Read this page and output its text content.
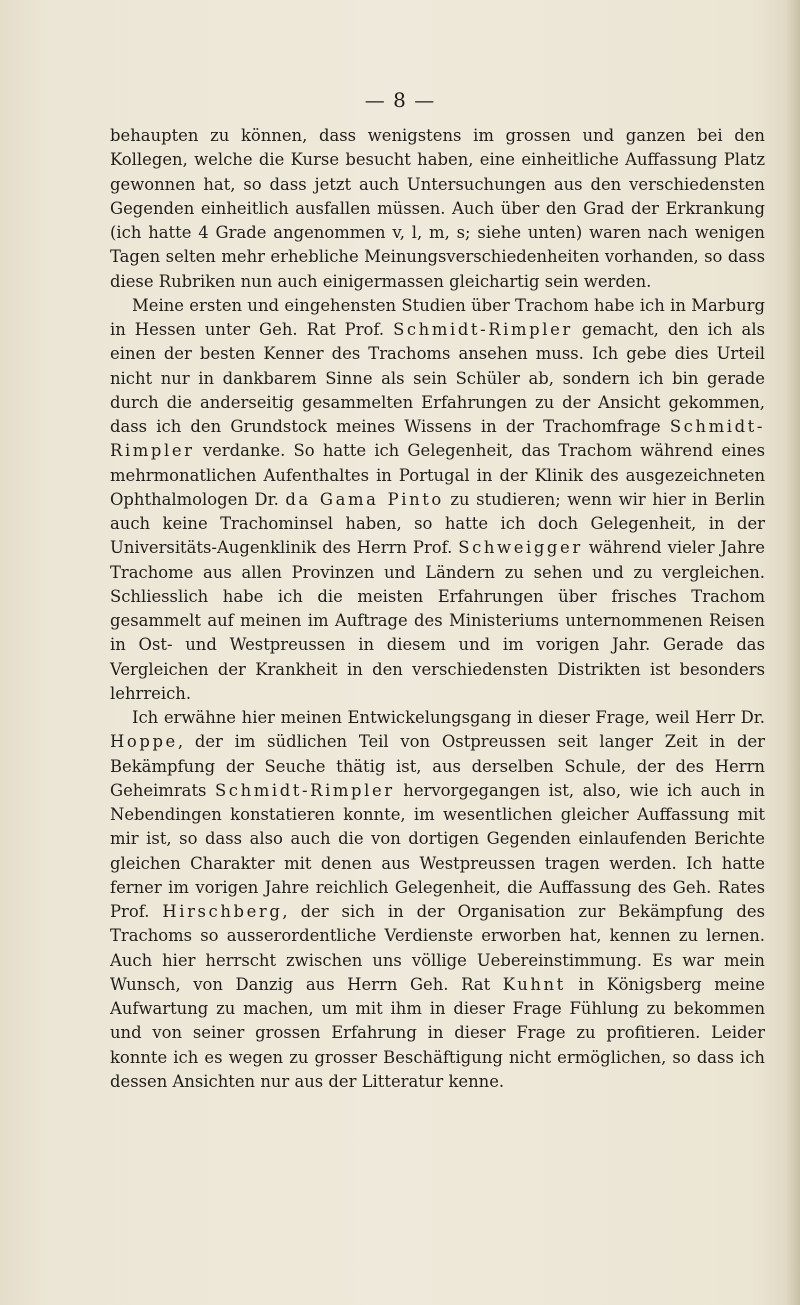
— 8 —

behaupten zu können, dass wenigstens im grossen und ganzen bei den Kollegen, welche die Kurse besucht haben, eine einheitliche Auffassung Platz gewonnen hat, so dass jetzt auch Untersuchungen aus den verschiedensten Gegenden einheitlich ausfallen müssen. Auch über den Grad der Erkrankung (ich hatte 4 Grade angenommen v, l, m, s; siehe unten) waren nach wenigen Tagen selten mehr erhebliche Meinungsverschiedenheiten vorhanden, so dass diese Rubriken nun auch einigermassen gleichartig sein werden.

Meine ersten und eingehensten Studien über Trachom habe ich in Marburg in Hessen unter Geh. Rat Prof. Schmidt-Rimpler gemacht, den ich als einen der besten Kenner des Trachoms ansehen muss. Ich gebe dies Urteil nicht nur in dankbarem Sinne als sein Schüler ab, sondern ich bin gerade durch die anderseitig gesammelten Erfahrungen zu der Ansicht gekommen, dass ich den Grundstock meines Wissens in der Trachomfrage Schmidt-Rimpler verdanke. So hatte ich Gelegenheit, das Trachom während eines mehrmonatlichen Aufenthaltes in Portugal in der Klinik des ausgezeichneten Ophthalmologen Dr. da Gama Pinto zu studieren; wenn wir hier in Berlin auch keine Trachominsel haben, so hatte ich doch Gelegenheit, in der Universitäts-Augenklinik des Herrn Prof. Schweigger während vieler Jahre Trachome aus allen Provinzen und Ländern zu sehen und zu vergleichen. Schliesslich habe ich die meisten Erfahrungen über frisches Trachom gesammelt auf meinen im Auftrage des Ministeriums unternommenen Reisen in Ost- und Westpreussen in diesem und im vorigen Jahr. Gerade das Vergleichen der Krankheit in den verschiedensten Distrikten ist besonders lehrreich.

Ich erwähne hier meinen Entwickelungsgang in dieser Frage, weil Herr Dr. Hoppe, der im südlichen Teil von Ostpreussen seit langer Zeit in der Bekämpfung der Seuche thätig ist, aus derselben Schule, der des Herrn Geheimrats Schmidt-Rimpler hervorgegangen ist, also, wie ich auch in Nebendingen konstatieren konnte, im wesentlichen gleicher Auffassung mit mir ist, so dass also auch die von dortigen Gegenden einlaufenden Berichte gleichen Charakter mit denen aus Westpreussen tragen werden. Ich hatte ferner im vorigen Jahre reichlich Gelegenheit, die Auffassung des Geh. Rates Prof. Hirschberg, der sich in der Organisation zur Bekämpfung des Trachoms so ausserordentliche Verdienste erworben hat, kennen zu lernen. Auch hier herrscht zwischen uns völlige Uebereinstimmung. Es war mein Wunsch, von Danzig aus Herrn Geh. Rat Kuhnt in Königsberg meine Aufwartung zu machen, um mit ihm in dieser Frage Fühlung zu bekommen und von seiner grossen Erfahrung in dieser Frage zu profitieren. Leider konnte ich es wegen zu grosser Beschäftigung nicht ermöglichen, so dass ich dessen Ansichten nur aus der Litteratur kenne.
